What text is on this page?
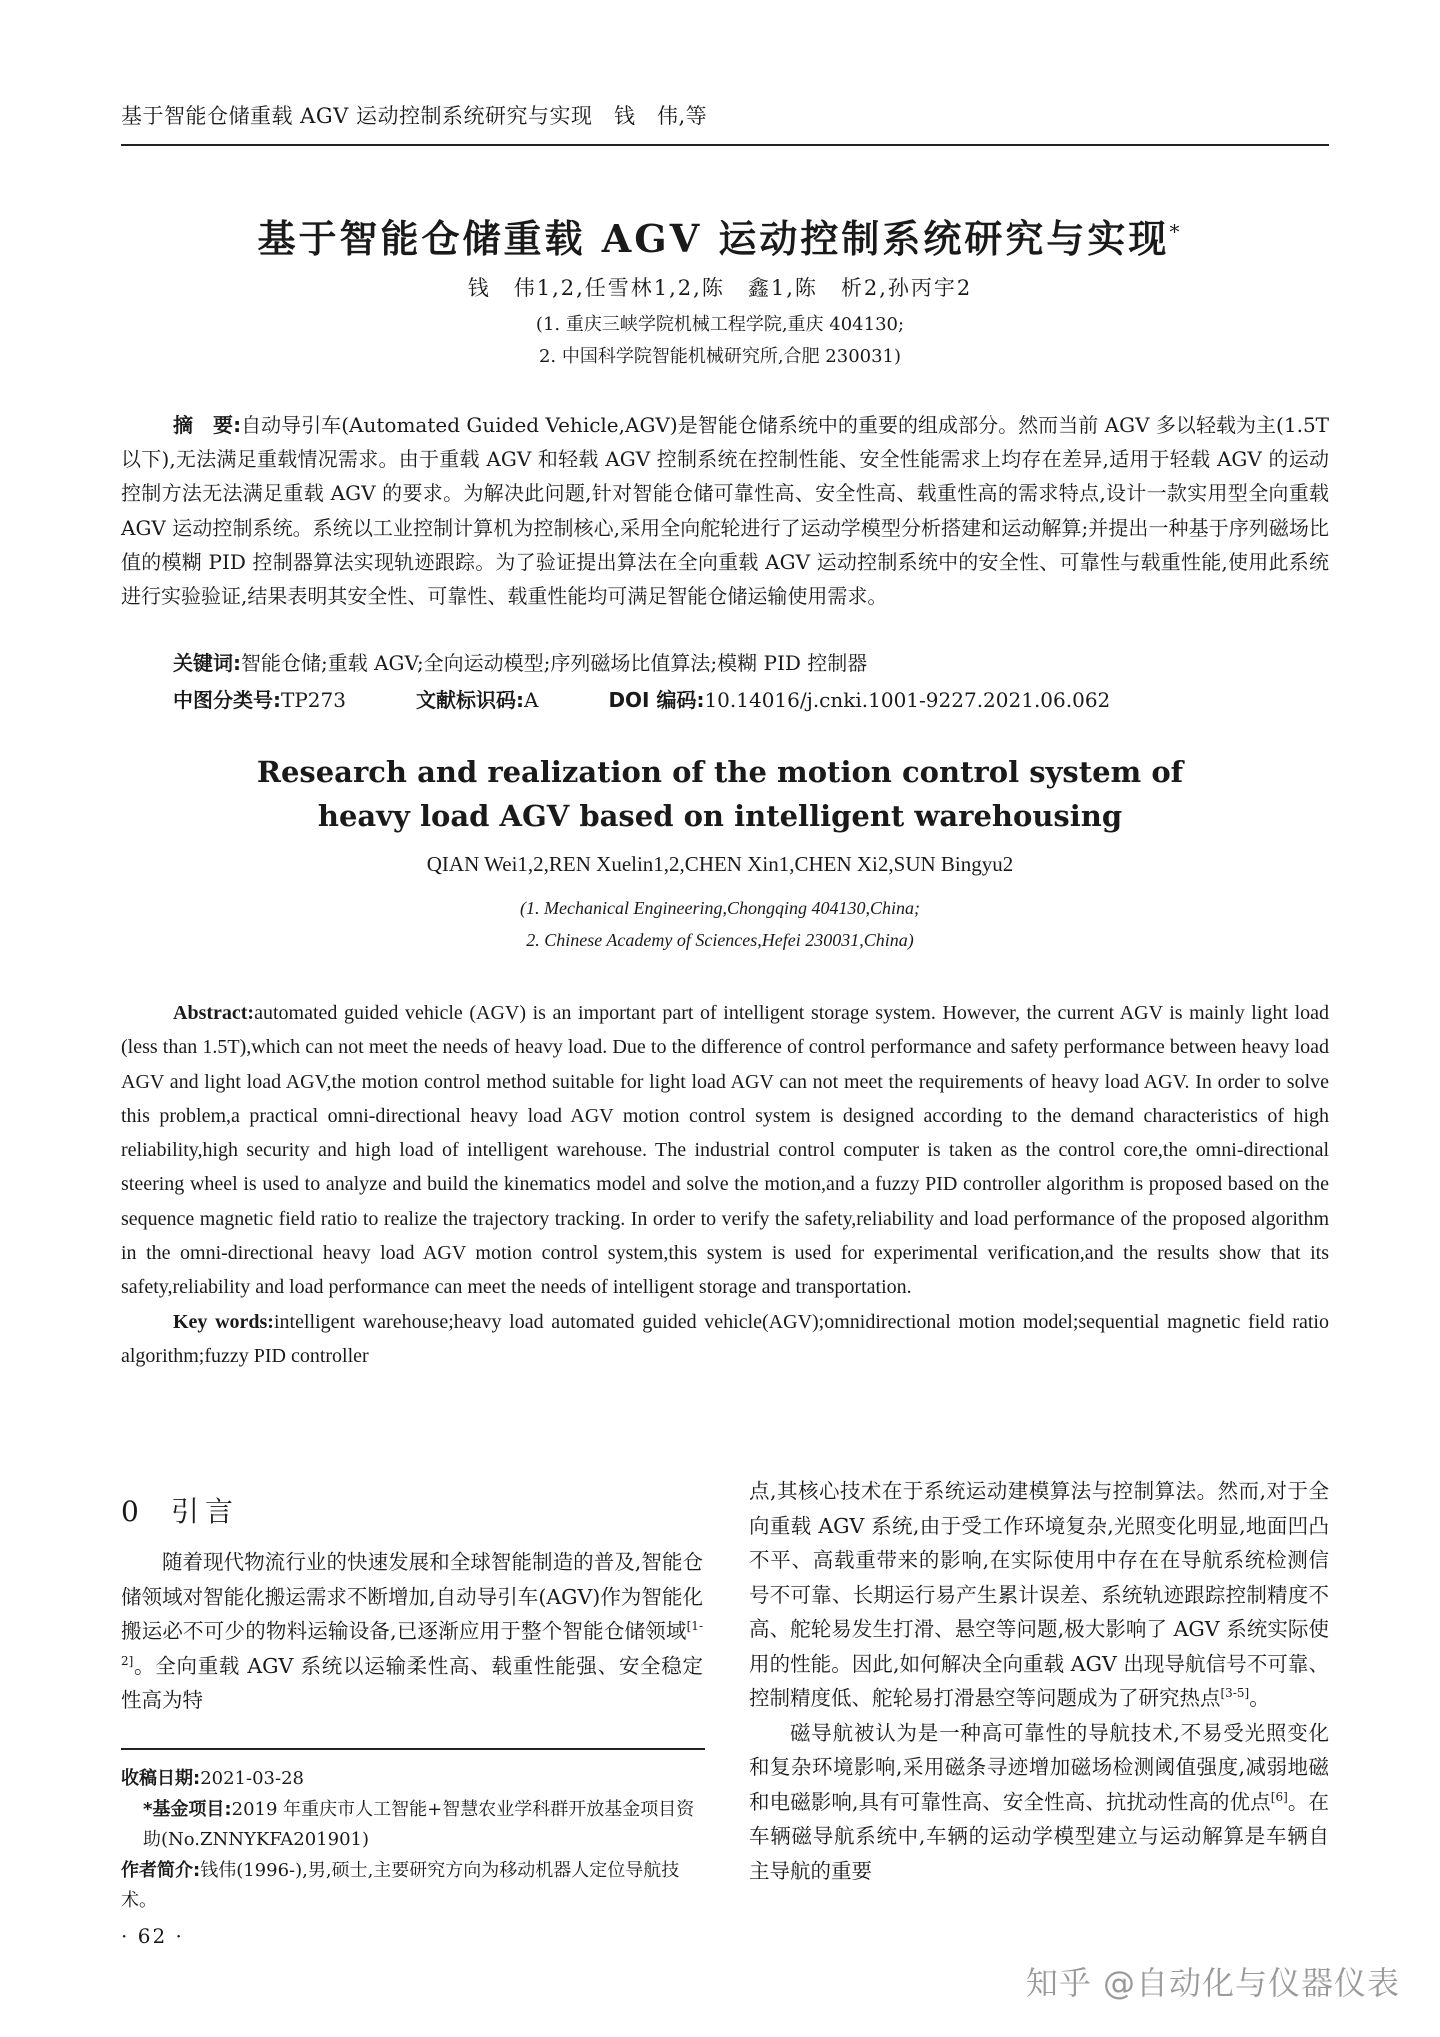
基于智能仓储重载 AGV 运动控制系统研究与实现　钱　伟,等
基于智能仓储重载 AGV 运动控制系统研究与实现*
钱　伟1,2,任雪林1,2,陈　鑫1,陈　析2,孙丙宇2
(1. 重庆三峡学院机械工程学院,重庆 404130;
2. 中国科学院智能机械研究所,合肥 230031)
摘　要:自动导引车(Automated Guided Vehicle,AGV)是智能仓储系统中的重要的组成部分。然而当前 AGV 多以轻载为主(1.5T 以下),无法满足重载情况需求。由于重载 AGV 和轻载 AGV 控制系统在控制性能、安全性能需求上均存在差异,适用于轻载 AGV 的运动控制方法无法满足重载 AGV 的要求。为解决此问题,针对智能仓储可靠性高、安全性高、载重性高的需求特点,设计一款实用型全向重载 AGV 运动控制系统。系统以工业控制计算机为控制核心,采用全向舵轮进行了运动学模型分析搭建和运动解算;并提出一种基于序列磁场比值的模糊 PID 控制器算法实现轨迹跟踪。为了验证提出算法在全向重载 AGV 运动控制系统中的安全性、可靠性与载重性能,使用此系统进行实验验证,结果表明其安全性、可靠性、载重性能均可满足智能仓储运输使用需求。
关键词:智能仓储;重载 AGV;全向运动模型;序列磁场比值算法;模糊 PID 控制器
中图分类号:TP273	文献标识码:A	DOI 编码:10.14016/j.cnki.1001-9227.2021.06.062
Research and realization of the motion control system of
heavy load AGV based on intelligent warehousing
QIAN Wei1,2,REN Xuelin1,2,CHEN Xin1,CHEN Xi2,SUN Bingyu2
(1. Mechanical Engineering,Chongqing 404130,China;
2. Chinese Academy of Sciences,Hefei 230031,China)
Abstract:automated guided vehicle (AGV) is an important part of intelligent storage system. However, the current AGV is mainly light load (less than 1.5T),which can not meet the needs of heavy load. Due to the difference of control performance and safety performance between heavy load AGV and light load AGV,the motion control method suitable for light load AGV can not meet the requirements of heavy load AGV. In order to solve this problem,a practical omni-directional heavy load AGV motion control system is designed according to the demand characteristics of high reliability,high security and high load of intelligent warehouse. The industrial control computer is taken as the control core,the omni-directional steering wheel is used to analyze and build the kinematics model and solve the motion,and a fuzzy PID controller algorithm is proposed based on the sequence magnetic field ratio to realize the trajectory tracking. In order to verify the safety,reliability and load performance of the proposed algorithm in the omni-directional heavy load AGV motion control system,this system is used for experimental verification,and the results show that its safety,reliability and load performance can meet the needs of intelligent storage and transportation.
Key words:intelligent warehouse;heavy load automated guided vehicle(AGV);omnidirectional motion model;sequential magnetic field ratio algorithm;fuzzy PID controller
0 引言
随着现代物流行业的快速发展和全球智能制造的普及,智能仓储领域对智能化搬运需求不断增加,自动导引车(AGV)作为智能化搬运必不可少的物料运输设备,已逐渐应用于整个智能仓储领域[1-2]。全向重载 AGV 系统以运输柔性高、载重性能强、安全稳定性高为特
点,其核心技术在于系统运动建模算法与控制算法。然而,对于全向重载 AGV 系统,由于受工作环境复杂,光照变化明显,地面凹凸不平、高载重带来的影响,在实际使用中存在在导航系统检测信号不可靠、长期运行易产生累计误差、系统轨迹跟踪控制精度不高、舵轮易发生打滑、悬空等问题,极大影响了 AGV 系统实际使用的性能。因此,如何解决全向重载 AGV 出现导航信号不可靠、控制精度低、舵轮易打滑悬空等问题成为了研究热点[3-5]。
磁导航被认为是一种高可靠性的导航技术,不易受光照变化和复杂环境影响,采用磁条寻迹增加磁场检测阈值强度,减弱地磁和电磁影响,具有可靠性高、安全性高、抗扰动性高的优点[6]。在车辆磁导航系统中,车辆的运动学模型建立与运动解算是车辆自主导航的重要
收稿日期:2021-03-28
*基金项目:2019 年重庆市人工智能+智慧农业学科群开放基金项目资助(No.ZNNYKFA201901)
作者简介:钱伟(1996-),男,硕士,主要研究方向为移动机器人定位导航技术。
· 62 ·
知乎 @自动化与仪器仪表
